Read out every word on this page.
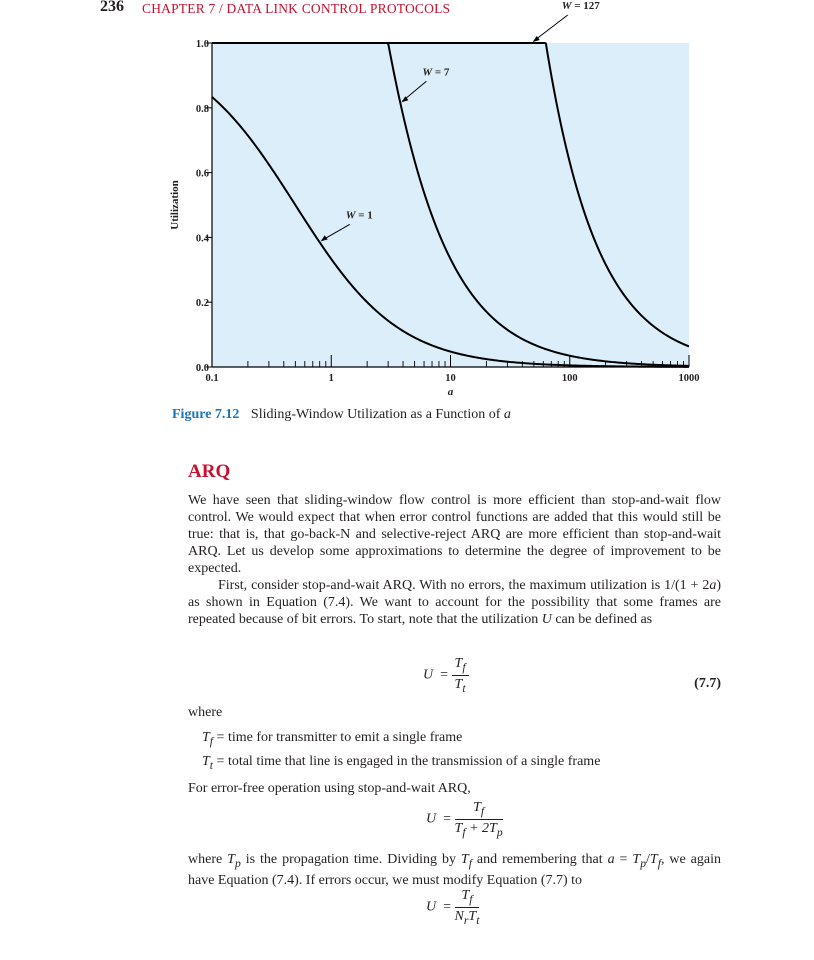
236 CHAPTER 7 / DATA LINK CONTROL PROTOCOLS
0.0
0.2
0.4
0.6
0.8
1.0
0.1	1	10	100	1000
a
Utilization	W = 1
W = 7
W = 127
Figure 7.12 Sliding-Window Utilization as a Function of a
ARQ

We have seen that sliding-window flow control is more efficient than stop-and-wait flow control. We would expect that when error control functions are added that this would still be true: that is, that go-back-N and selective-reject ARQ are more efficient than stop-and-wait ARQ. Let us develop some approximations to determine the degree of improvement to be expected.

First, consider stop-and-wait ARQ. With no errors, the maximum utilization is 1/(1 + 2a) as shown in Equation (7.4). We want to account for the possibility that some frames are repeated because of bit errors. To start, note that the utilization U can be defined as

$U = \frac{T_f}{T_t}$	(7.7)
where
$T_f$ = time for transmitter to emit a single frame
$T_t$ = total time that line is engaged in the transmission of a single frame
For error-free operation using stop-and-wait ARQ,
$U = \frac{T_f}{T_f + 2T_p}$

where $T_p$ is the propagation time. Dividing by $T_f$ and remembering that $a = T_p/T_f$, we again have Equation (7.4). If errors occur, we must modify Equation (7.7) to

$U = \frac{T_f}{N_rT_t}$
